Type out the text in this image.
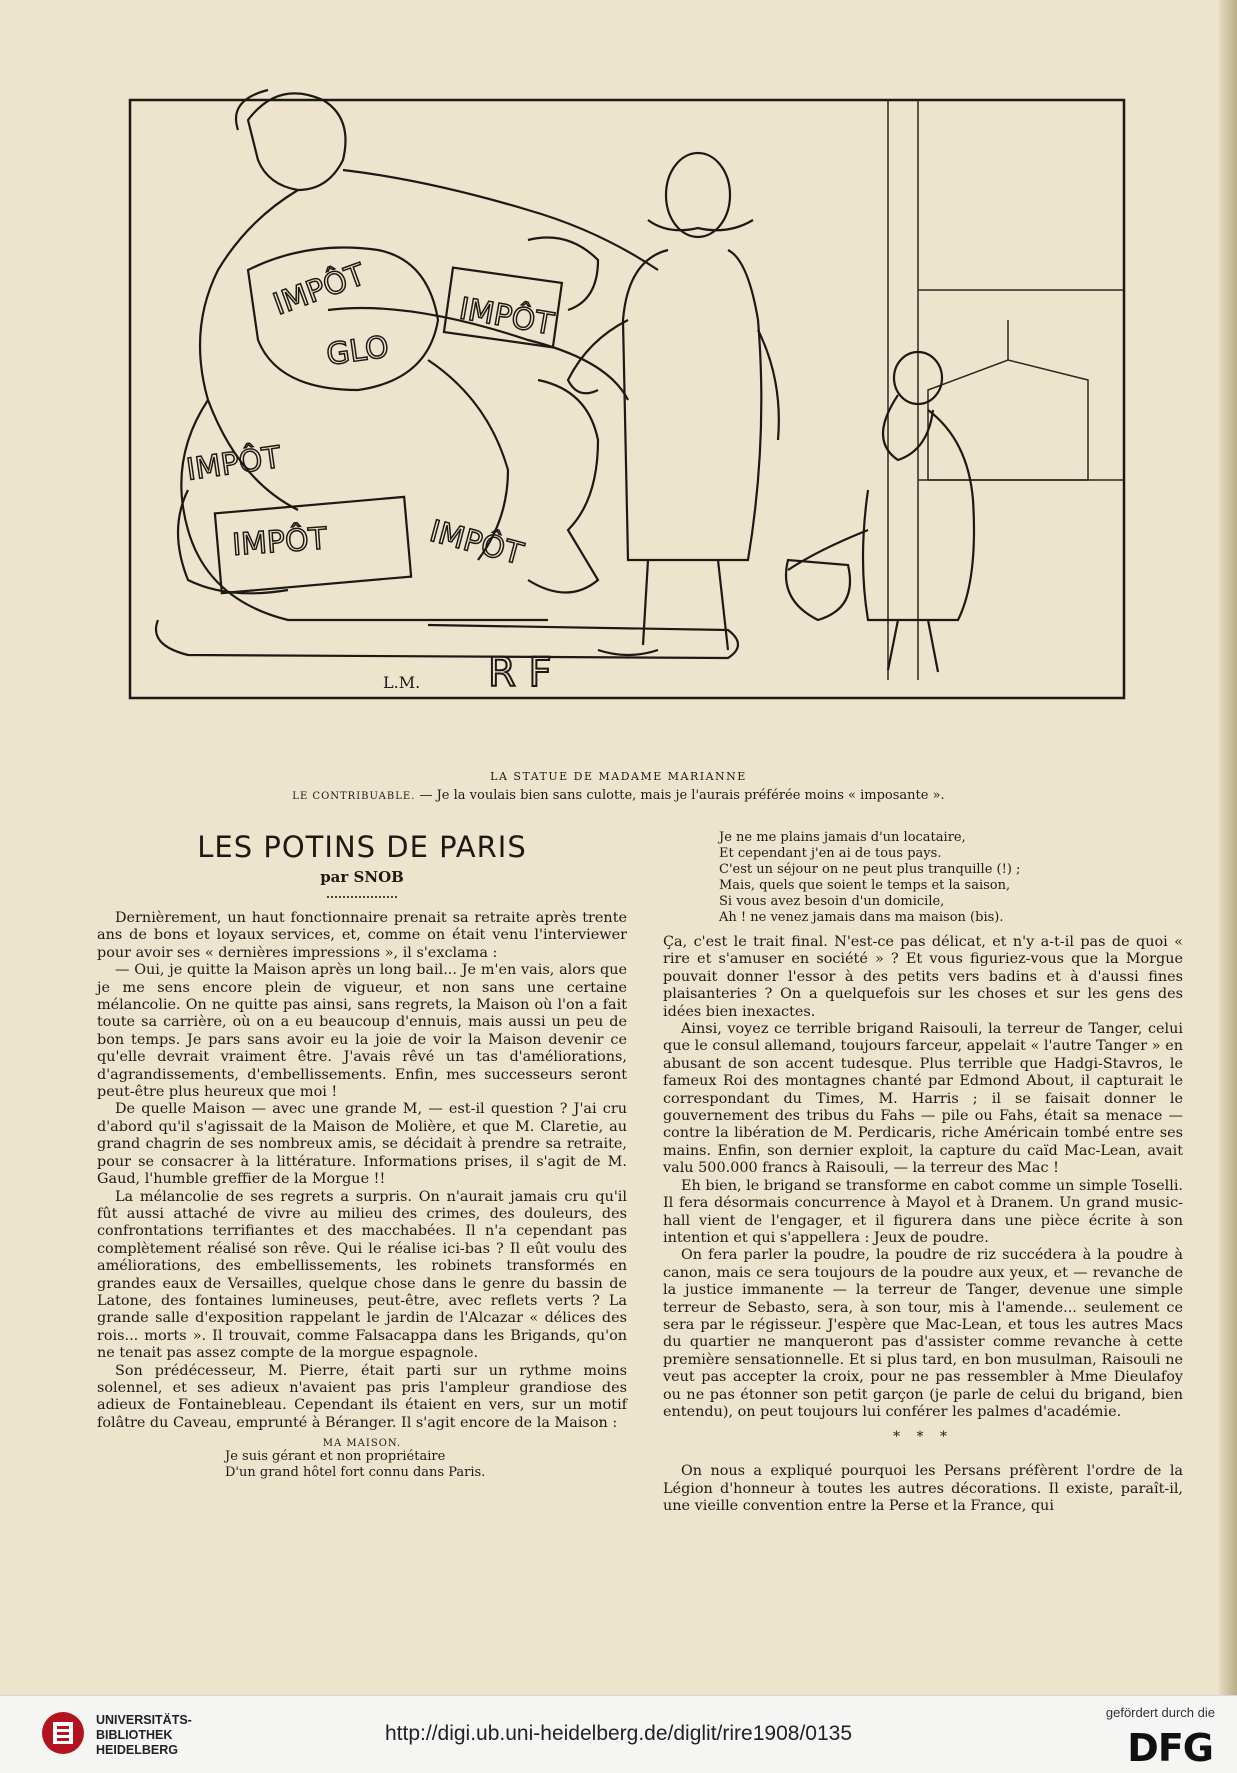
IMPÔT	IMPÔT
GLO
IMPÔT
IMPÔT	IMPÔT
L.M. R F
LA STATUE DE MADAME MARIANNE
LE CONTRIBUABLE. — Je la voulais bien sans culotte, mais je l'aurais préférée moins « imposante ».
LES POTINS DE PARIS

par SNOB

Dernièrement, un haut fonctionnaire prenait sa retraite après trente ans de bons et loyaux services, et, comme on était venu l'interviewer pour avoir ses « dernières impressions », il s'exclama :

— Oui, je quitte la Maison après un long bail... Je m'en vais, alors que je me sens encore plein de vigueur, et non sans une certaine mélancolie. On ne quitte pas ainsi, sans regrets, la Maison où l'on a fait toute sa carrière, où on a eu beaucoup d'ennuis, mais aussi un peu de bon temps. Je pars sans avoir eu la joie de voir la Maison devenir ce qu'elle devrait vraiment être. J'avais rêvé un tas d'améliorations, d'agrandissements, d'embellissements. Enfin, mes successeurs seront peut-être plus heureux que moi !

De quelle Maison — avec une grande M, — est-il question ? J'ai cru d'abord qu'il s'agissait de la Maison de Molière, et que M. Claretie, au grand chagrin de ses nombreux amis, se décidait à prendre sa retraite, pour se consacrer à la littérature. Informations prises, il s'agit de M. Gaud, l'humble greffier de la Morgue !!

La mélancolie de ses regrets a surpris. On n'aurait jamais cru qu'il fût aussi attaché de vivre au milieu des crimes, des douleurs, des confrontations terrifiantes et des macchabées. Il n'a cependant pas complètement réalisé son rêve. Qui le réalise ici-bas ? Il eût voulu des améliorations, des embellissements, les robinets transformés en grandes eaux de Versailles, quelque chose dans le genre du bassin de Latone, des fontaines lumineuses, peut-être, avec reflets verts ? La grande salle d'exposition rappelant le jardin de l'Alcazar « délices des rois... morts ». Il trouvait, comme Falsacappa dans les Brigands, qu'on ne tenait pas assez compte de la morgue espagnole.

Son prédécesseur, M. Pierre, était parti sur un rythme moins solennel, et ses adieux n'avaient pas pris l'ampleur grandiose des adieux de Fontainebleau. Cependant ils étaient en vers, sur un motif folâtre du Caveau, emprunté à Béranger. Il s'agit encore de la Maison :

MA MAISON.
Je suis gérant et non propriétaire
D'un grand hôtel fort connu dans Paris.
Je ne me plains jamais d'un locataire,
Et cependant j'en ai de tous pays.
C'est un séjour on ne peut plus tranquille (!) ;
Mais, quels que soient le temps et la saison,
Si vous avez besoin d'un domicile,
Ah ! ne venez jamais dans ma maison (bis).

Ça, c'est le trait final. N'est-ce pas délicat, et n'y a-t-il pas de quoi « rire et s'amuser en société » ? Et vous figuriez-vous que la Morgue pouvait donner l'essor à des petits vers badins et à d'aussi fines plaisanteries ? On a quelquefois sur les choses et sur les gens des idées bien inexactes.

Ainsi, voyez ce terrible brigand Raisouli, la terreur de Tanger, celui que le consul allemand, toujours farceur, appelait « l'autre Tanger » en abusant de son accent tudesque. Plus terrible que Hadgi-Stavros, le fameux Roi des montagnes chanté par Edmond About, il capturait le correspondant du Times, M. Harris ; il se faisait donner le gouvernement des tribus du Fahs — pile ou Fahs, était sa menace — contre la libération de M. Perdicaris, riche Américain tombé entre ses mains. Enfin, son dernier exploit, la capture du caïd Mac-Lean, avait valu 500.000 francs à Raisouli, — la terreur des Mac !

Eh bien, le brigand se transforme en cabot comme un simple Toselli. Il fera désormais concurrence à Mayol et à Dranem. Un grand music-hall vient de l'engager, et il figurera dans une pièce écrite à son intention et qui s'appellera : Jeux de poudre.

On fera parler la poudre, la poudre de riz succédera à la poudre à canon, mais ce sera toujours de la poudre aux yeux, et — revanche de la justice immanente — la terreur de Tanger, devenue une simple terreur de Sebasto, sera, à son tour, mis à l'amende... seulement ce sera par le régisseur. J'espère que Mac-Lean, et tous les autres Macs du quartier ne manqueront pas d'assister comme revanche à cette première sensationnelle. Et si plus tard, en bon musulman, Raisouli ne veut pas accepter la croix, pour ne pas ressembler à Mme Dieulafoy ou ne pas étonner son petit garçon (je parle de celui du brigand, bien entendu), on peut toujours lui conférer les palmes d'académie.

* * *

On nous a expliqué pourquoi les Persans préfèrent l'ordre de la Légion d'honneur à toutes les autres décorations. Il existe, paraît-il, une vieille convention entre la Perse et la France, qui

UNIVERSITÄTS-
BIBLIOTHEK
HEIDELBERG
http://digi.ub.uni-heidelberg.de/diglit/rire1908/0135
gefördert durch die
DFG
